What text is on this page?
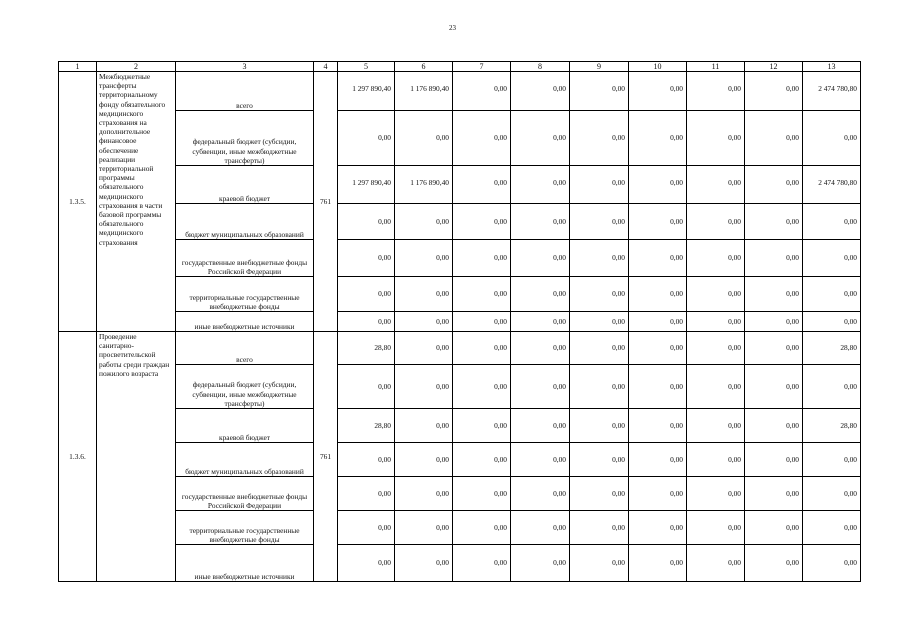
23
1	2	3	4	5	6	7	8	9	10	11	12	13
1.3.5.	Межбюджетные трансферты территориальному фонду обязательного медицинского страхования на дополнительное финансовое обеспечение реализации территориальной программы обязательного медицинского страхования в части базовой программы обязательного медицинского страхования	всего	761	1 297 890,40	1 176 890,40	0,00	0,00	0,00	0,00	0,00	0,00	2 474 780,80
		федеральный бюджет (субсидии, субвенции, иные межбюджетные трансферты)		0,00	0,00	0,00	0,00	0,00	0,00	0,00	0,00	0,00
		краевой бюджет		1 297 890,40	1 176 890,40	0,00	0,00	0,00	0,00	0,00	0,00	2 474 780,80
		бюджет муниципальных образований		0,00	0,00	0,00	0,00	0,00	0,00	0,00	0,00	0,00
		государственные внебюджетные фонды Российской Федерации		0,00	0,00	0,00	0,00	0,00	0,00	0,00	0,00	0,00
		территориальные государственные внебюджетные фонды		0,00	0,00	0,00	0,00	0,00	0,00	0,00	0,00	0,00
		иные внебюджетные источники		0,00	0,00	0,00	0,00	0,00	0,00	0,00	0,00	0,00
1.3.6.	Проведение санитарно-просветительской работы среди граждан пожилого возраста	всего	761	28,80	0,00	0,00	0,00	0,00	0,00	0,00	0,00	28,80
		федеральный бюджет (субсидии, субвенции, иные межбюджетные трансферты)		0,00	0,00	0,00	0,00	0,00	0,00	0,00	0,00	0,00
		краевой бюджет		28,80	0,00	0,00	0,00	0,00	0,00	0,00	0,00	28,80
		бюджет муниципальных образований		0,00	0,00	0,00	0,00	0,00	0,00	0,00	0,00	0,00
		государственные внебюджетные фонды Российской Федерации		0,00	0,00	0,00	0,00	0,00	0,00	0,00	0,00	0,00
		территориальные государственные внебюджетные фонды		0,00	0,00	0,00	0,00	0,00	0,00	0,00	0,00	0,00
		иные внебюджетные источники		0,00	0,00	0,00	0,00	0,00	0,00	0,00	0,00	0,00
